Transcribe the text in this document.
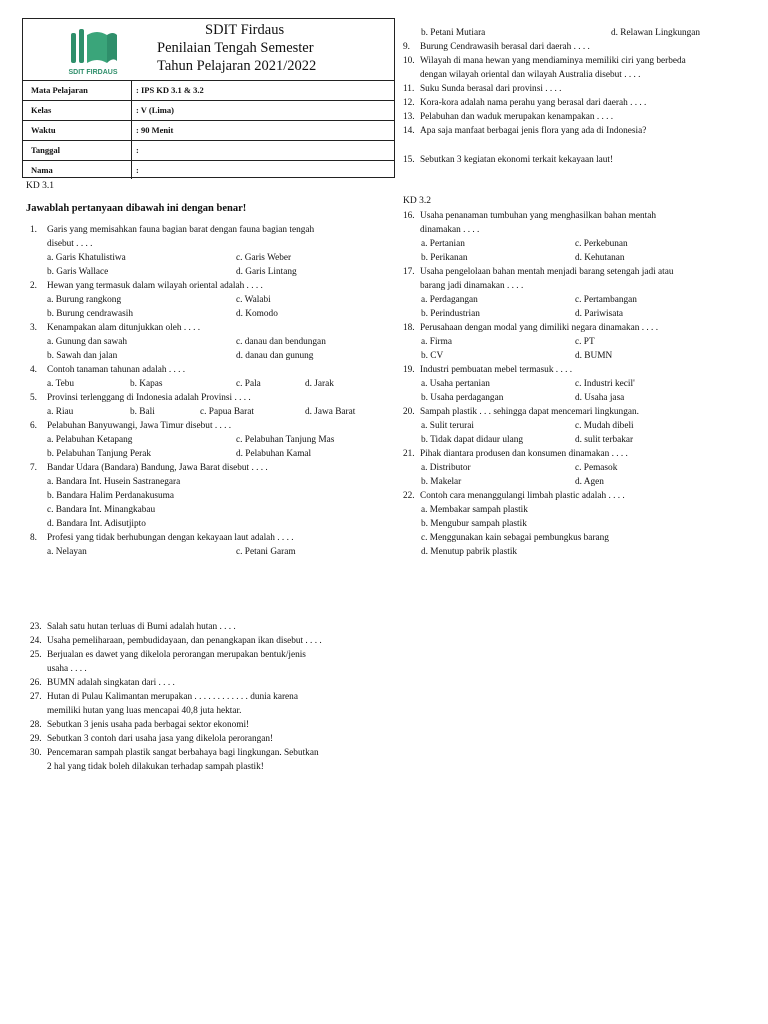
SDIT FIRDAUS
SDIT Firdaus
Penilaian Tengah Semester
Tahun Pelajaran 2021/2022
Mata Pelajaran	: IPS KD 3.1 & 3.2
Kelas	: V (Lima)
Waktu	: 90 Menit
Tanggal	:
Nama	:
KD 3.1
Jawablah pertanyaan dibawah ini dengan benar!
1. Garis yang memisahkan fauna bagian barat dengan fauna bagian tengah
disebut . . . .
2. Hewan yang termasuk dalam wilayah oriental adalah . . . .
3. Kenampakan alam ditunjukkan oleh . . . .
4. Contoh tanaman tahunan adalah . . . .
5. Provinsi terlenggang di Indonesia adalah Provinsi . . . .
6. Pelabuhan Banyuwangi, Jawa Timur disebut . . . .
7. Bandar Udara (Bandara) Bandung, Jawa Barat disebut . . . .
8. Profesi yang tidak berhubungan dengan kekayaan laut adalah . . . .
a. Garis Khatulistiwa	c. Garis Weber
b. Garis Wallace	d. Garis Lintang
a. Burung rangkong	c. Walabi
b. Burung cendrawasih	d. Komodo
a. Gunung dan sawah	c. danau dan bendungan
b. Sawah dan jalan	d. danau dan gunung
a. Tebu	b. Kapas	c. Pala	d. Jarak
a. Riau	b. Bali	c. Papua Barat	d. Jawa Barat
a. Pelabuhan Ketapang	c. Pelabuhan Tanjung Mas
b. Pelabuhan Tanjung Perak	d. Pelabuhan Kamal
a. Bandara Int. Husein Sastranegara
b. Bandara Halim Perdanakusuma
c. Bandara Int. Minangkabau
d. Bandara Int. Adisutjipto
a. Nelayan	c. Petani Garam
b. Petani Mutiara	d. Relawan Lingkungan
9. Burung Cendrawasih berasal dari daerah . . . .
10. Wilayah di mana hewan yang mendiaminya memiliki ciri yang berbeda
dengan wilayah oriental dan wilayah Australia disebut . . . .
11. Suku Sunda berasal dari provinsi . . . .
12. Kora-kora adalah nama perahu yang berasal dari daerah . . . .
13. Pelabuhan dan waduk merupakan kenampakan . . . .
14. Apa saja manfaat berbagai jenis flora yang ada di Indonesia?
15. Sebutkan 3 kegiatan ekonomi terkait kekayaan laut!
16. Usaha penanaman tumbuhan yang menghasilkan bahan mentah
dinamakan . . . .
17. Usaha pengelolaan bahan mentah menjadi barang setengah jadi atau
barang jadi dinamakan . . . .
18. Perusahaan dengan modal yang dimiliki negara dinamakan . . . .
19. Industri pembuatan mebel termasuk . . . .
20. Sampah plastik . . . sehingga dapat mencemari lingkungan.
21. Pihak diantara produsen dan konsumen dinamakan . . . .
22. Contoh cara menanggulangi limbah plastic adalah . . . .
a. Pertanian	c. Perkebunan
b. Perikanan	d. Kehutanan
a. Perdagangan	c. Pertambangan
b. Perindustrian	d. Pariwisata
a. Firma	c. PT
b. CV	d. BUMN
a. Usaha pertanian	c. Industri kecil'
b. Usaha perdagangan	d. Usaha jasa
a. Sulit terurai	c. Mudah dibeli
b. Tidak dapat didaur ulang	d. sulit terbakar
a. Distributor	c. Pemasok
b. Makelar	d. Agen
a. Membakar sampah plastik
b. Mengubur sampah plastik
c. Menggunakan kain sebagai pembungkus barang
d. Menutup pabrik plastik
23. Salah satu hutan terluas di Bumi adalah hutan . . . .
24. Usaha pemeliharaan, pembudidayaan, dan penangkapan ikan disebut . . . .
25. Berjualan es dawet yang dikelola perorangan merupakan bentuk/jenis
usaha . . . .
26. BUMN adalah singkatan dari . . . .
27. Hutan di Pulau Kalimantan merupakan . . . . . . . . . . . . dunia karena
memiliki hutan yang luas mencapai 40,8 juta hektar.
28. Sebutkan 3 jenis usaha pada berbagai sektor ekonomi!
29. Sebutkan 3 contoh dari usaha jasa yang dikelola perorangan!
30. Pencemaran sampah plastik sangat berbahaya bagi lingkungan. Sebutkan
2 hal yang tidak boleh dilakukan terhadap sampah plastik!
KD 3.2
